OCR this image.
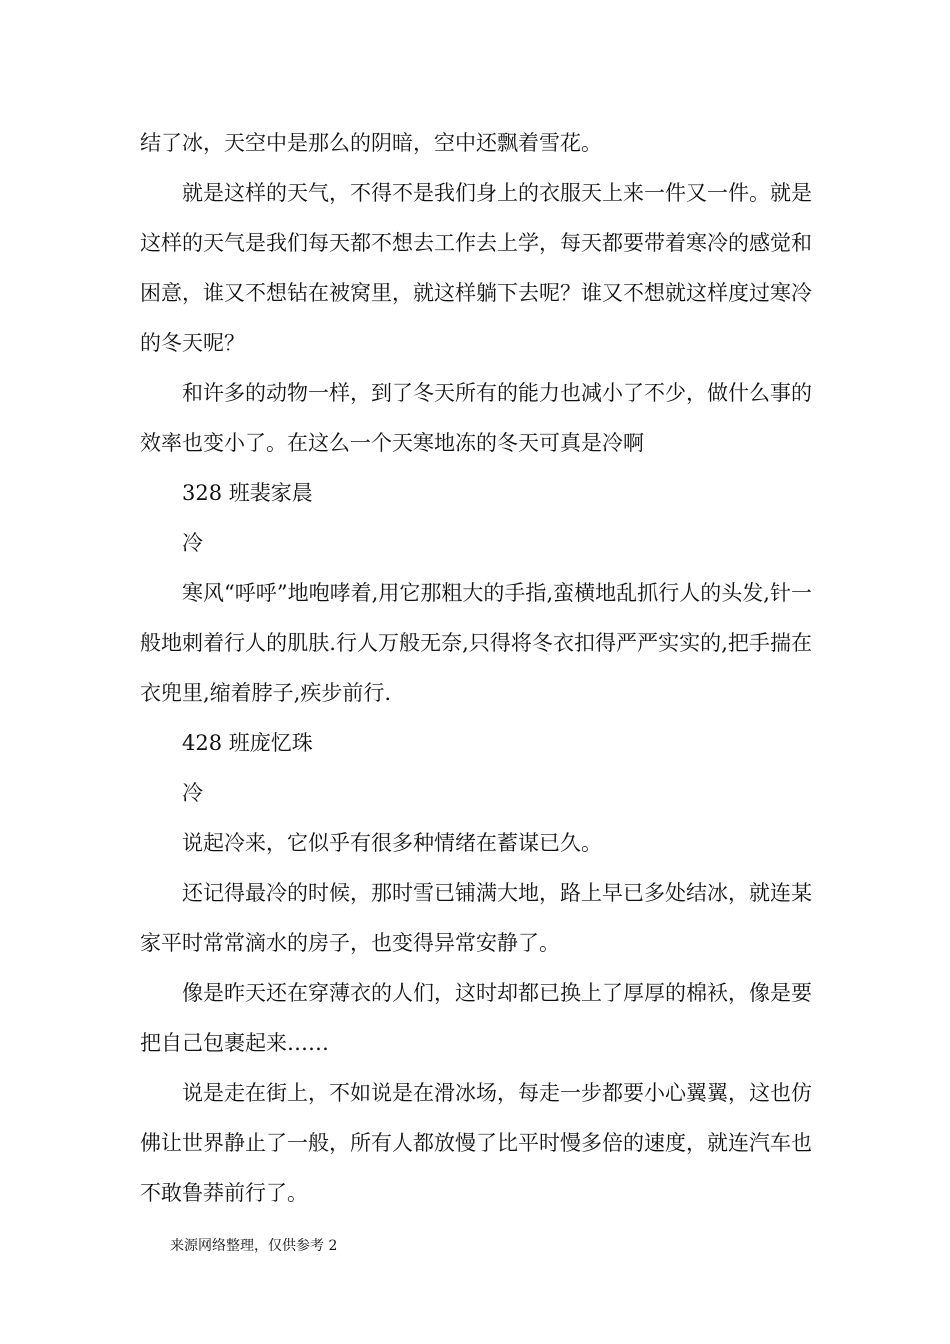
结了冰，天空中是那么的阴暗，空中还飘着雪花。

就是这样的天气，不得不是我们身上的衣服天上来一件又一件。就是这样的天气是我们每天都不想去工作去上学，每天都要带着寒冷的感觉和困意，谁又不想钻在被窝里，就这样躺下去呢？谁又不想就这样度过寒冷的冬天呢？

和许多的动物一样，到了冬天所有的能力也减小了不少，做什么事的效率也变小了。在这么一个天寒地冻的冬天可真是冷啊

328 班裴家晨

冷

寒风“呼呼”地咆哮着,用它那粗大的手指,蛮横地乱抓行人的头发,针一般地刺着行人的肌肤.行人万般无奈,只得将冬衣扣得严严实实的,把手揣在衣兜里,缩着脖子,疾步前行.

428 班庞忆珠

冷

说起冷来，它似乎有很多种情绪在蓄谋已久。

还记得最冷的时候，那时雪已铺满大地，路上早已多处结冰，就连某家平时常常滴水的房子，也变得异常安静了。

像是昨天还在穿薄衣的人们，这时却都已换上了厚厚的棉袄，像是要把自己包裹起来……

说是走在街上，不如说是在滑冰场，每走一步都要小心翼翼，这也仿佛让世界静止了一般，所有人都放慢了比平时慢多倍的速度，就连汽车也不敢鲁莽前行了。

来源网络整理，仅供参考 2
